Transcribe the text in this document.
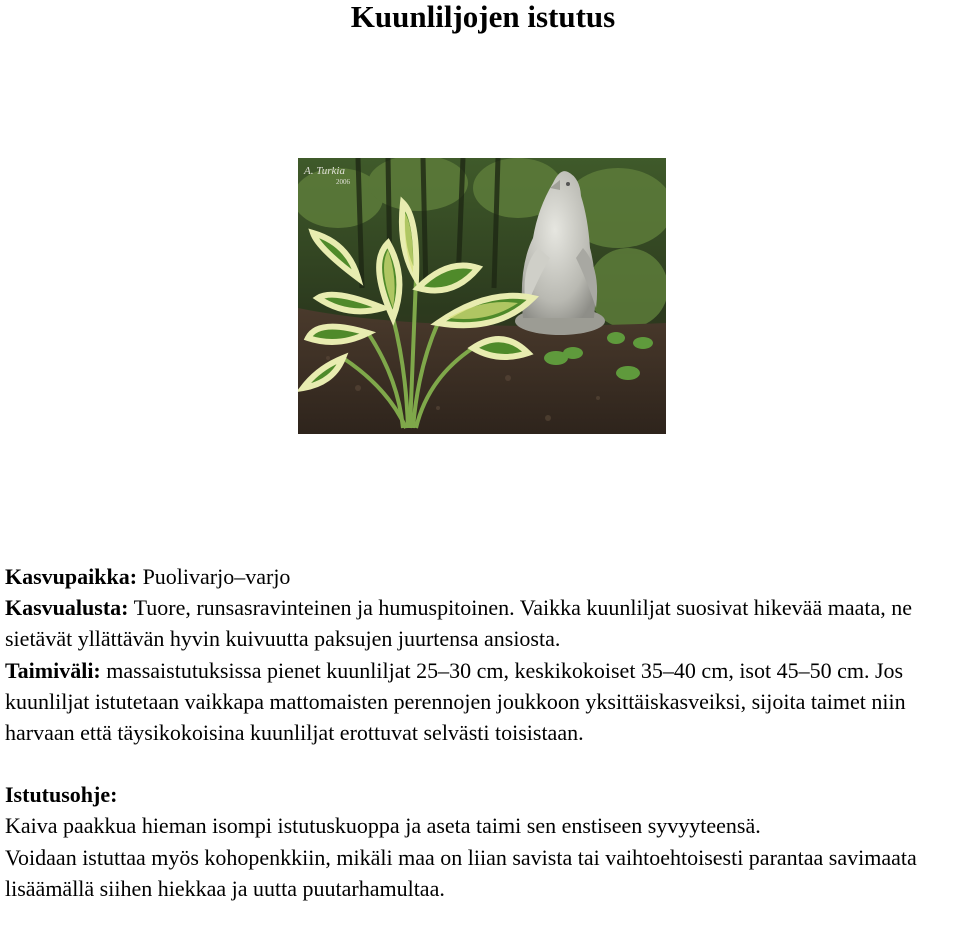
Kuunliljojen istutus
A. Turkia
2006

Kasvupaikka: Puolivarjo–varjo

Kasvualusta: Tuore, runsasravinteinen ja humuspitoinen. Vaikka kuunliljat suosivat hikevää maata, ne sietävät yllättävän hyvin kuivuutta paksujen juurtensa ansiosta.

Taimiväli: massaistutuksissa pienet kuunliljat 25–30 cm, keskikokoiset 35–40 cm, isot 45–50 cm. Jos kuunliljat istutetaan vaikkapa mattomaisten perennojen joukkoon yksittäiskasveiksi, sijoita taimet niin harvaan että täysikokoisina kuunliljat erottuvat selvästi toisistaan.

Istutusohje:

Kaiva paakkua hieman isompi istutuskuoppa ja aseta taimi sen enstiseen syvyyteensä.

Voidaan istuttaa myös kohopenkkiin, mikäli maa on liian savista tai vaihtoehtoisesti parantaa savimaata lisäämällä siihen hiekkaa ja uutta puutarhamultaa.
